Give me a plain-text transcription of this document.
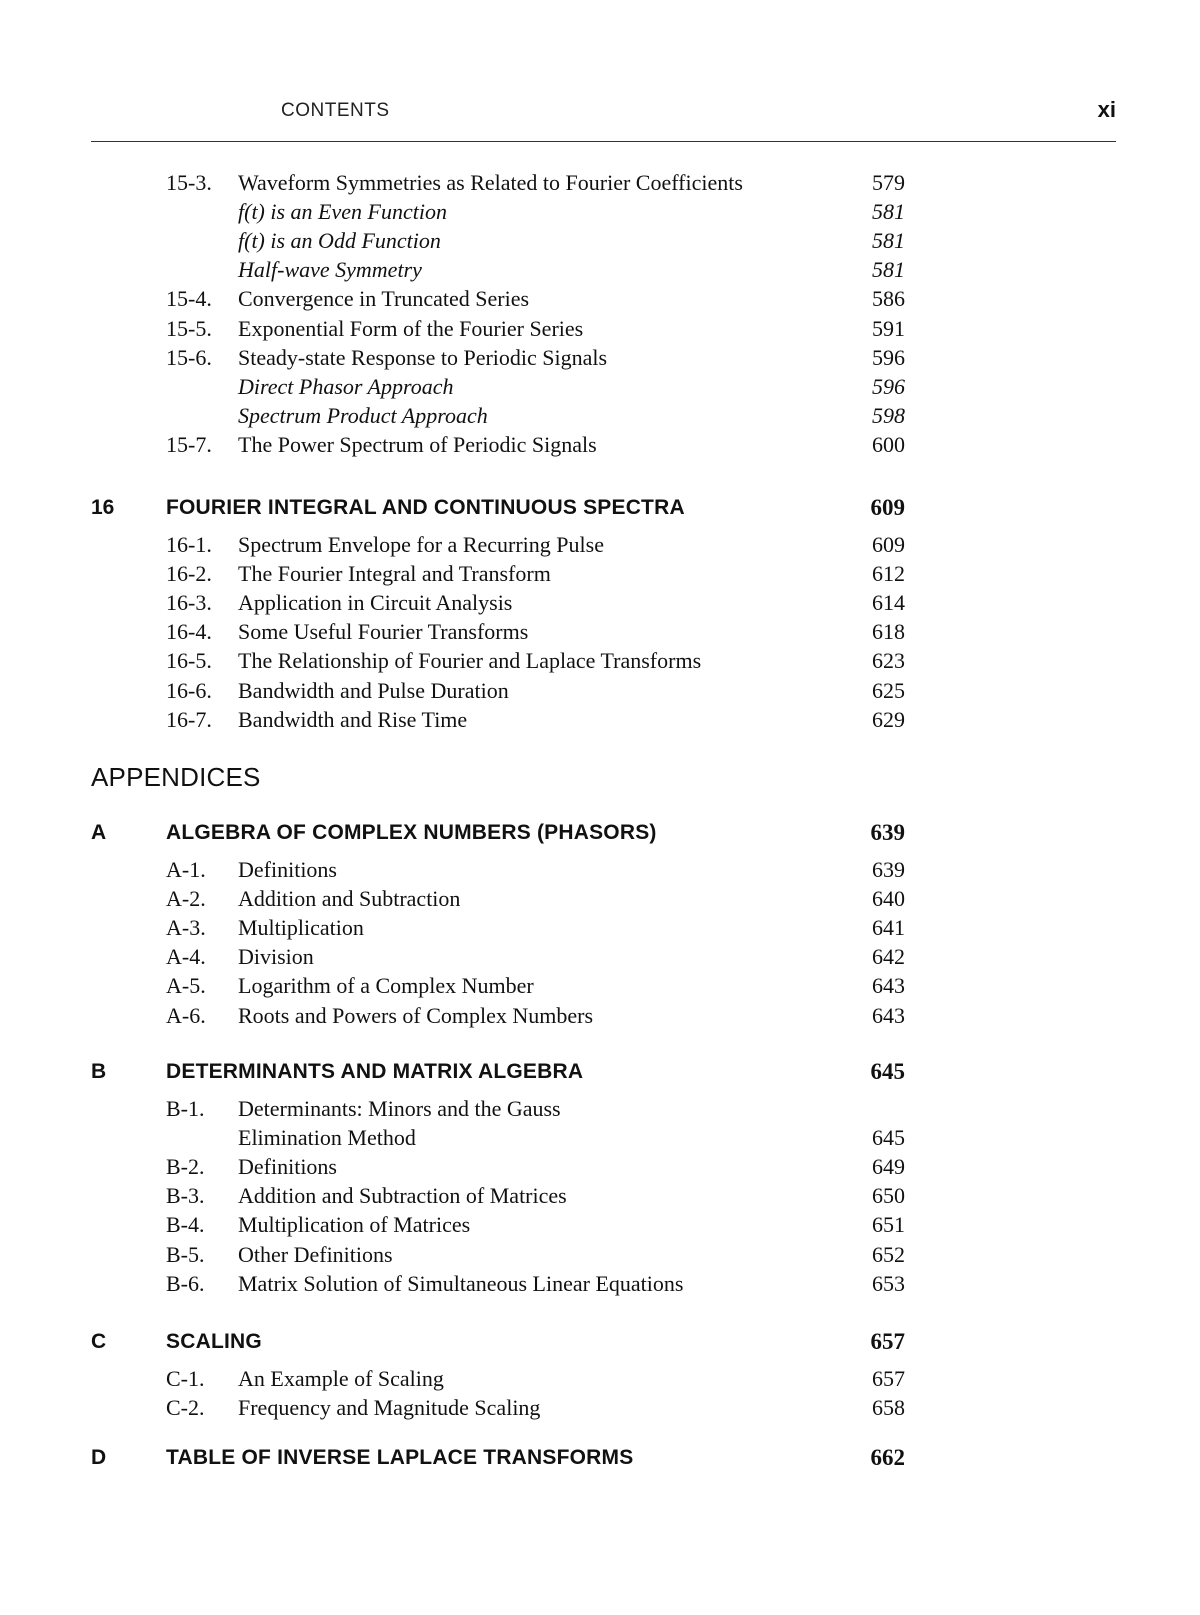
CONTENTS	xi
15-3. Waveform Symmetries as Related to Fourier Coefficients	579
f(t) is an Even Function	581
f(t) is an Odd Function	581
Half-wave Symmetry	581
15-4. Convergence in Truncated Series	586
15-5. Exponential Form of the Fourier Series	591
15-6. Steady-state Response to Periodic Signals	596
Direct Phasor Approach	596
Spectrum Product Approach	598
15-7. The Power Spectrum of Periodic Signals	600
16 FOURIER INTEGRAL AND CONTINUOUS SPECTRA	609
16-1. Spectrum Envelope for a Recurring Pulse	609
16-2. The Fourier Integral and Transform	612
16-3. Application in Circuit Analysis	614
16-4. Some Useful Fourier Transforms	618
16-5. The Relationship of Fourier and Laplace Transforms	623
16-6. Bandwidth and Pulse Duration	625
16-7. Bandwidth and Rise Time	629
A	ALGEBRA OF COMPLEX NUMBERS (PHASORS)	639
A-1. Definitions	639
A-2. Addition and Subtraction	640
A-3. Multiplication	641
A-4. Division	642
A-5. Logarithm of a Complex Number	643
A-6. Roots and Powers of Complex Numbers	643
B	DETERMINANTS AND MATRIX ALGEBRA	645
B-1. Determinants: Minors and the Gauss
Elimination Method	645
B-2. Definitions	649
B-3. Addition and Subtraction of Matrices	650
B-4. Multiplication of Matrices	651
B-5. Other Definitions	652
B-6. Matrix Solution of Simultaneous Linear Equations	653
C	SCALING	657
C-1. An Example of Scaling	657
C-2. Frequency and Magnitude Scaling	658
D	TABLE OF INVERSE LAPLACE TRANSFORMS	662
APPENDICES
